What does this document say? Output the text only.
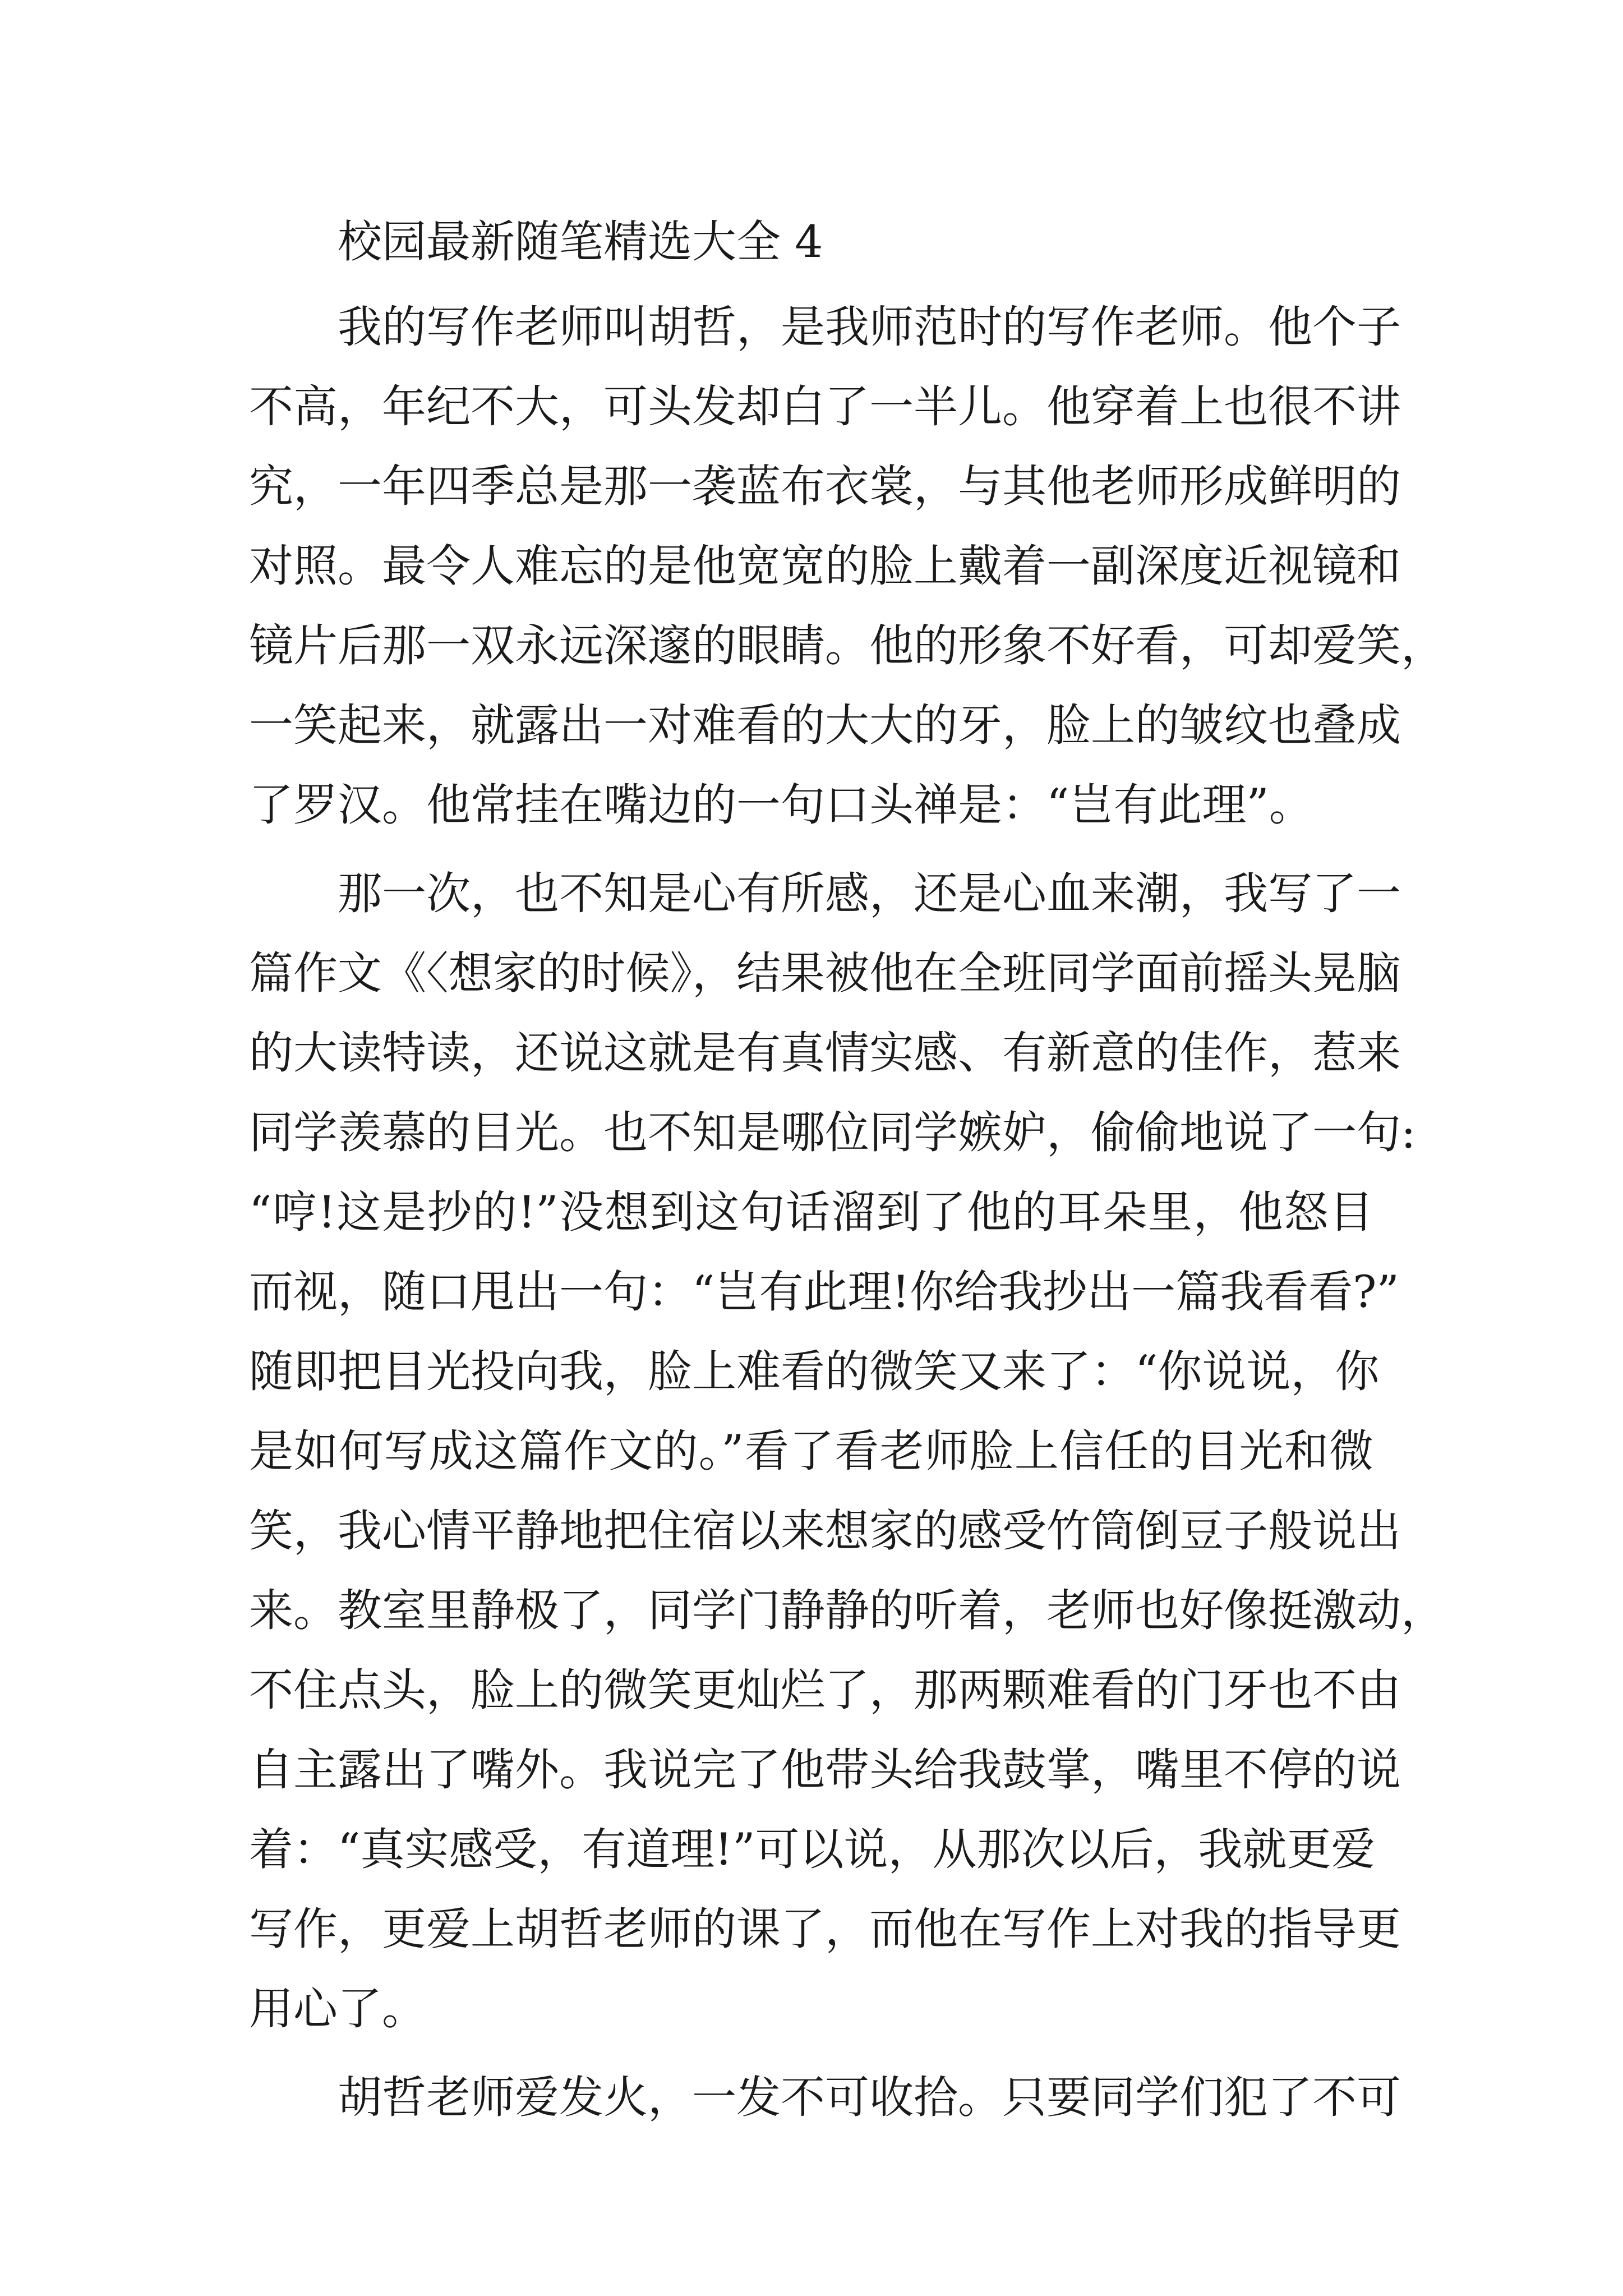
校园最新随笔精选大全 4
我的写作老师叫胡哲，是我师范时的写作老师。他个子
不高，年纪不大，可头发却白了一半儿。他穿着上也很不讲
究，一年四季总是那一袭蓝布衣裳，与其他老师形成鲜明的
对照。最令人难忘的是他宽宽的脸上戴着一副深度近视镜和
镜片后那一双永远深邃的眼睛。他的形象不好看，可却爱笑，
一笑起来，就露出一对难看的大大的牙，脸上的皱纹也叠成
了罗汉。他常挂在嘴边的一句口头禅是：“岂有此理”。
那一次，也不知是心有所感，还是心血来潮，我写了一
篇作文《〈想家的时候》，结果被他在全班同学面前摇头晃脑
的大读特读，还说这就是有真情实感、有新意的佳作，惹来
同学羡慕的目光。也不知是哪位同学嫉妒，偷偷地说了一句:
“哼!这是抄的!”没想到这句话溜到了他的耳朵里，他怒目
而视，随口甩出一句：“岂有此理!你给我抄出一篇我看看?”
随即把目光投向我，脸上难看的微笑又来了：“你说说，你
是如何写成这篇作文的。”看了看老师脸上信任的目光和微
笑，我心情平静地把住宿以来想家的感受竹筒倒豆子般说出
来。教室里静极了，同学门静静的听着，老师也好像挺激动，
不住点头，脸上的微笑更灿烂了，那两颗难看的门牙也不由
自主露出了嘴外。我说完了他带头给我鼓掌，嘴里不停的说
着：“真实感受，有道理!”可以说，从那次以后，我就更爱
写作，更爱上胡哲老师的课了，而他在写作上对我的指导更
用心了。
胡哲老师爱发火，一发不可收拾。只要同学们犯了不可
